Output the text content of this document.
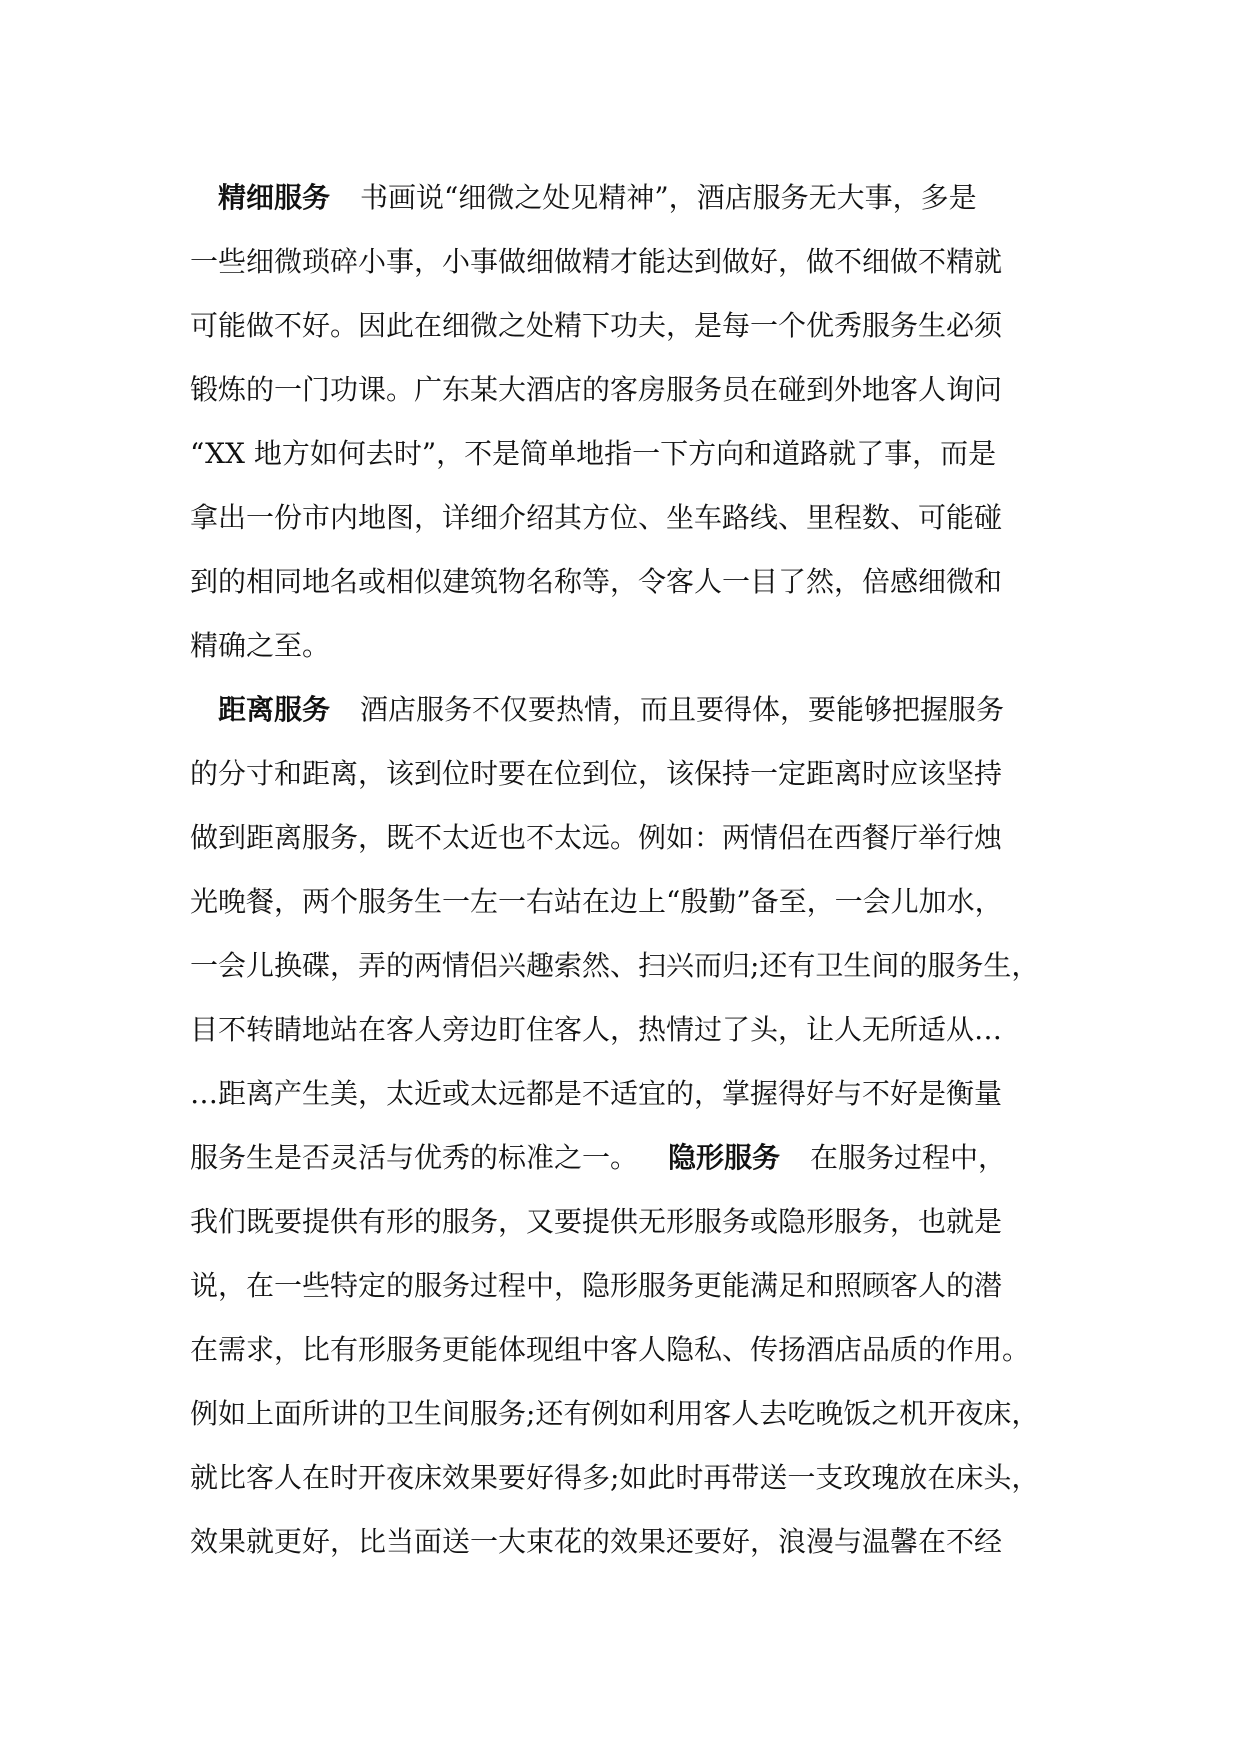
精细服务 书画说“细微之处见精神”，酒店服务无大事，多是
一些细微琐碎小事，小事做细做精才能达到做好，做不细做不精就
可能做不好。因此在细微之处精下功夫，是每一个优秀服务生必须
锻炼的一门功课。广东某大酒店的客房服务员在碰到外地客人询问
“XX 地方如何去时”，不是简单地指一下方向和道路就了事，而是
拿出一份市内地图，详细介绍其方位、坐车路线、里程数、可能碰
到的相同地名或相似建筑物名称等，令客人一目了然，倍感细微和
精确之至。
距离服务 酒店服务不仅要热情，而且要得体，要能够把握服务
的分寸和距离，该到位时要在位到位，该保持一定距离时应该坚持
做到距离服务，既不太近也不太远。例如：两情侣在西餐厅举行烛
光晚餐，两个服务生一左一右站在边上“殷勤”备至，一会儿加水，
一会儿换碟，弄的两情侣兴趣索然、扫兴而归;还有卫生间的服务生，
目不转睛地站在客人旁边盯住客人，热情过了头，让人无所适从…
…距离产生美，太近或太远都是不适宜的，掌握得好与不好是衡量
服务生是否灵活与优秀的标准之一。 隐形服务 在服务过程中，
我们既要提供有形的服务，又要提供无形服务或隐形服务，也就是
说，在一些特定的服务过程中，隐形服务更能满足和照顾客人的潜
在需求，比有形服务更能体现组中客人隐私、传扬酒店品质的作用。
例如上面所讲的卫生间服务;还有例如利用客人去吃晚饭之机开夜床，
就比客人在时开夜床效果要好得多;如此时再带送一支玫瑰放在床头，
效果就更好，比当面送一大束花的效果还要好，浪漫与温馨在不经
